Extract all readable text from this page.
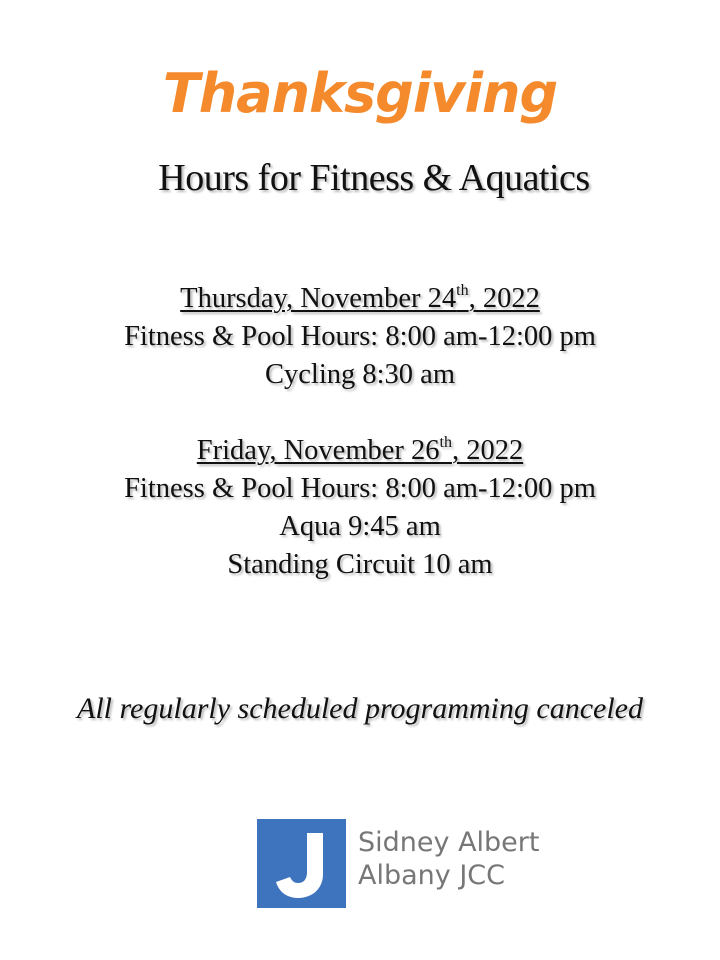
Thanksgiving
Hours for Fitness & Aquatics
Thursday, November 24th, 2022
Fitness & Pool Hours: 8:00 am-12:00 pm
Cycling 8:30 am
Friday, November 26th, 2022
Fitness & Pool Hours: 8:00 am-12:00 pm
Aqua 9:45 am
Standing Circuit 10 am
All regularly scheduled programming canceled
Sidney Albert
Albany JCC
